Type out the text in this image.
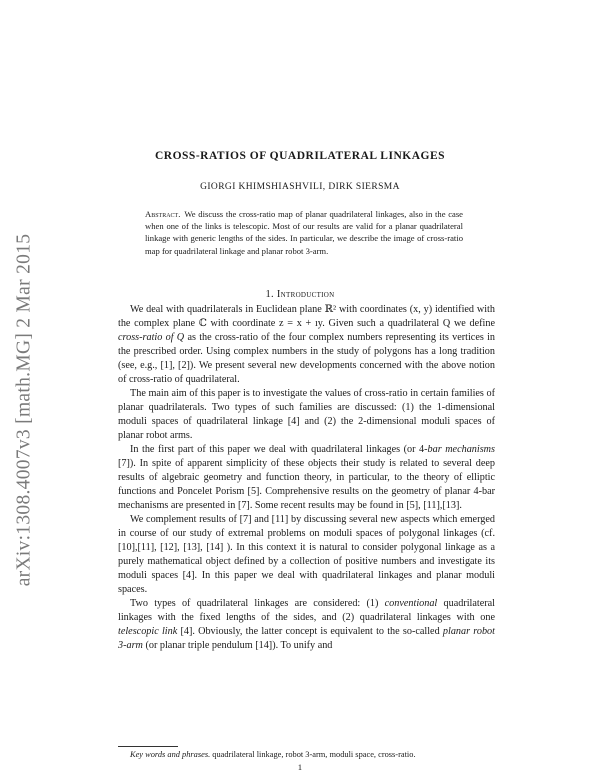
arXiv:1308.4007v3 [math.MG] 2 Mar 2015
CROSS-RATIOS OF QUADRILATERAL LINKAGES
GIORGI KHIMSHIASHVILI, DIRK SIERSMA
Abstract. We discuss the cross-ratio map of planar quadrilateral linkages, also in the case when one of the links is telescopic. Most of our results are valid for a planar quadrilateral linkage with generic lengths of the sides. In particular, we describe the image of cross-ratio map for quadrilateral linkage and planar robot 3-arm.
1. Introduction

We deal with quadrilaterals in Euclidean plane ℝ² with coordinates (x, y) identified with the complex plane ℂ with coordinate z = x + ıy. Given such a quadrilateral Q we define cross-ratio of Q as the cross-ratio of the four complex numbers representing its vertices in the prescribed order. Using complex numbers in the study of polygons has a long tradition (see, e.g., [1], [2]). We present several new developments concerned with the above notion of cross-ratio of quadrilateral.

The main aim of this paper is to investigate the values of cross-ratio in certain families of planar quadrilaterals. Two types of such families are discussed: (1) the 1-dimensional moduli spaces of quadrilateral linkage [4] and (2) the 2-dimensional moduli spaces of planar robot arms.

In the first part of this paper we deal with quadrilateral linkages (or 4-bar mechanisms [7]). In spite of apparent simplicity of these objects their study is related to several deep results of algebraic geometry and function theory, in particular, to the theory of elliptic functions and Poncelet Porism [5]. Comprehensive results on the geometry of planar 4-bar mechanisms are presented in [7]. Some recent results may be found in [5], [11],[13].

We complement results of [7] and [11] by discussing several new aspects which emerged in course of our study of extremal problems on moduli spaces of polygonal linkages (cf. [10],[11], [12], [13], [14] ). In this context it is natural to consider polygonal linkage as a purely mathematical object defined by a collection of positive numbers and investigate its moduli spaces [4]. In this paper we deal with quadrilateral linkages and planar moduli spaces.

Two types of quadrilateral linkages are considered: (1) conventional quadrilateral linkages with the fixed lengths of the sides, and (2) quadrilateral linkages with one telescopic link [4]. Obviously, the latter concept is equivalent to the so-called planar robot 3-arm (or planar triple pendulum [14]). To unify and

Key words and phrases. quadrilateral linkage, robot 3-arm, moduli space, cross-ratio.
1
